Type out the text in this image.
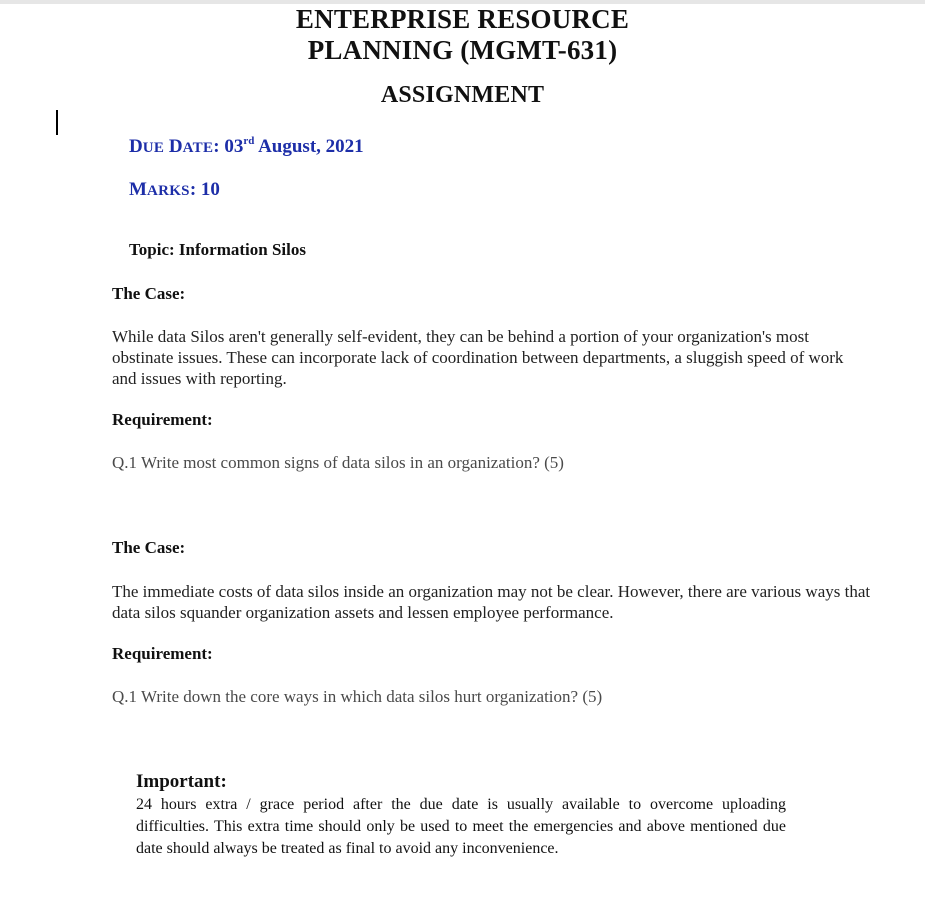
ENTERPRISE RESOURCE
PLANNING (MGMT-631)
ASSIGNMENT
DUE DATE: 03rd August, 2021
MARKS: 10
Topic: Information Silos
The Case:
While data Silos aren't generally self-evident, they can be behind a portion of your organization's most obstinate issues. These can incorporate lack of coordination between departments, a sluggish speed of work and issues with reporting.
Requirement:
Q.1 Write most common signs of data silos in an organization? (5)
The Case:
The immediate costs of data silos inside an organization may not be clear. However, there are various ways that data silos squander organization assets and lessen employee performance.
Requirement:
Q.1 Write down the core ways in which data silos hurt organization? (5)
Important:
24 hours extra / grace period after the due date is usually available to overcome uploading difficulties. This extra time should only be used to meet the emergencies and above mentioned due date should always be treated as final to avoid any inconvenience.
